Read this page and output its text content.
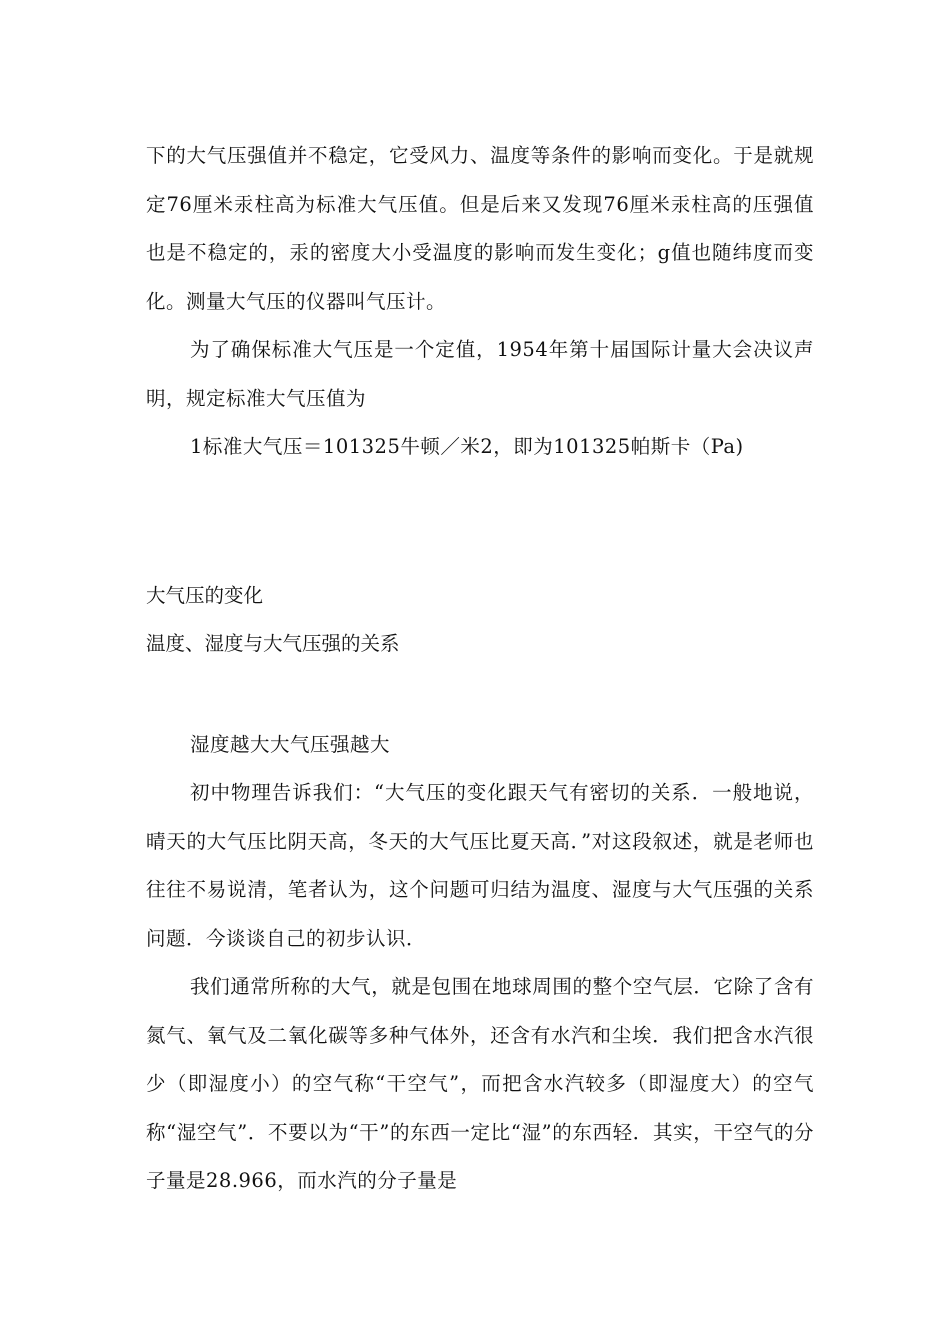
下的大气压强值并不稳定，它受风力、温度等条件的影响而变化。于是就规定76厘米汞柱高为标准大气压值。但是后来又发现76厘米汞柱高的压强值也是不稳定的，汞的密度大小受温度的影响而发生变化；g值也随纬度而变化。测量大气压的仪器叫气压计。

为了确保标准大气压是一个定值，1954年第十届国际计量大会决议声明，规定标准大气压值为

1标准大气压＝101325牛顿／米2，即为101325帕斯卡（Pa)

大气压的变化

温度、湿度与大气压强的关系

湿度越大大气压强越大

初中物理告诉我们：“大气压的变化跟天气有密切的关系．一般地说，晴天的大气压比阴天高，冬天的大气压比夏天高．”对这段叙述，就是老师也往往不易说清，笔者认为，这个问题可归结为温度、湿度与大气压强的关系问题．今谈谈自己的初步认识．

我们通常所称的大气，就是包围在地球周围的整个空气层．它除了含有氮气、氧气及二氧化碳等多种气体外，还含有水汽和尘埃．我们把含水汽很少（即湿度小）的空气称“干空气”，而把含水汽较多（即湿度大）的空气称“湿空气”．不要以为“干”的东西一定比“湿”的东西轻．其实，干空气的分子量是28.966，而水汽的分子量是
